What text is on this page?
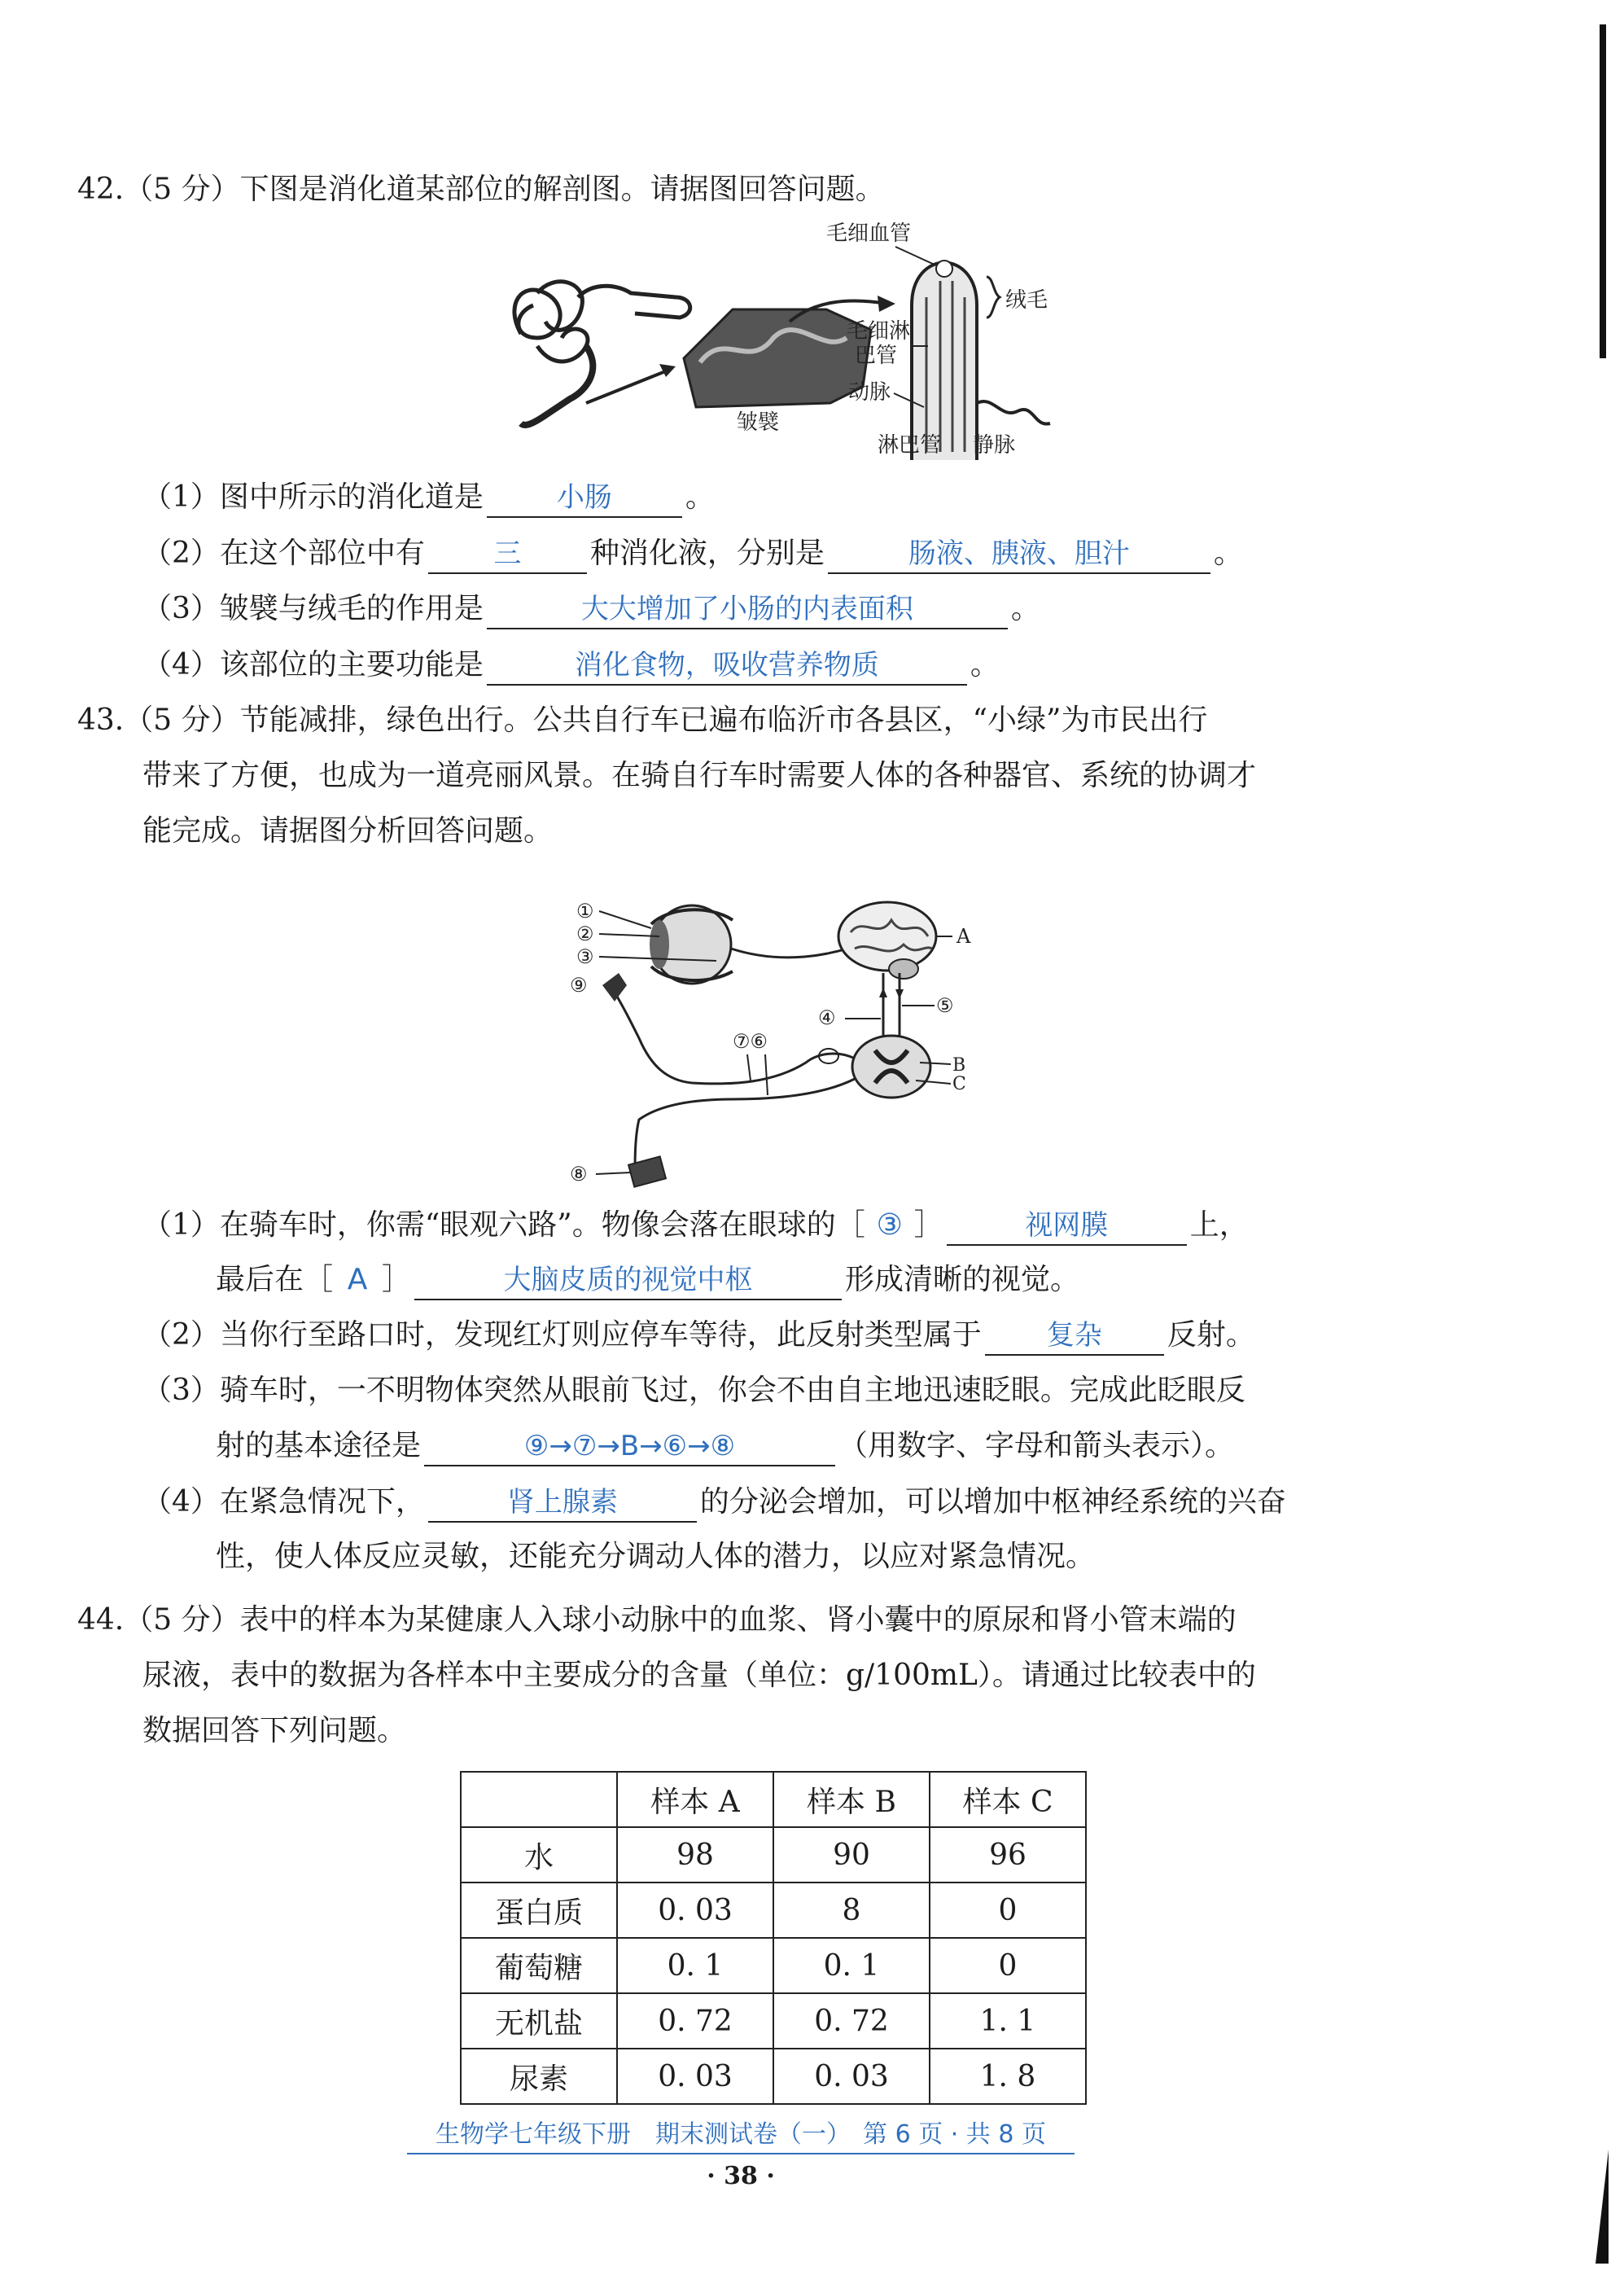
42.（5 分）下图是消化道某部位的解剖图。请据图回答问题。
皱襞
毛细血管
绒毛
毛细淋
巴管
动脉
淋巴管 静脉
（1）图中所示的消化道是	小肠	。
（2）在这个部位中有 三 种消化液，分别是	肠液、胰液、胆汁	。
（3）皱襞与绒毛的作用是	大大增加了小肠的内表面积	。
（4）该部位的主要功能是	消化食物，吸收营养物质	。
43.（5 分）节能减排，绿色出行。公共自行车已遍布临沂市各县区，“小绿”为市民出行
带来了方便，也成为一道亮丽风景。在骑自行车时需要人体的各种器官、系统的协调才
能完成。请据图分析回答问题。
①
②
③
A
④
⑤
B
C
⑦⑥
⑨
⑧
（1）在骑车时，你需“眼观六路”。物像会落在眼球的［ ③ ］	视网膜	上，
最后在［ A ］	大脑皮质的视觉中枢	形成清晰的视觉。
（2）当你行至路口时，发现红灯则应停车等待，此反射类型属于 复杂 反射。
（3）骑车时，一不明物体突然从眼前飞过，你会不由自主地迅速眨眼。完成此眨眼反
射的基本途径是	⑨→⑦→B→⑥→⑧	（用数字、字母和箭头表示）。
（4）在紧急情况下，	肾上腺素	的分泌会增加，可以增加中枢神经系统的兴奋
性，使人体反应灵敏，还能充分调动人体的潜力，以应对紧急情况。
44.（5 分）表中的样本为某健康人入球小动脉中的血浆、肾小囊中的原尿和肾小管末端的
尿液，表中的数据为各样本中主要成分的含量（单位：g/100mL）。请通过比较表中的
数据回答下列问题。
	样本 A	样本 B	样本 C
水	98	90	96
蛋白质	0. 03	8	0
葡萄糖	0. 1	0. 1	0
无机盐	0. 72	0. 72	1. 1
尿素	0. 03	0. 03	1. 8
生物学七年级下册　期末测试卷（一）　第 6 页 · 共 8 页
· 38 ·
